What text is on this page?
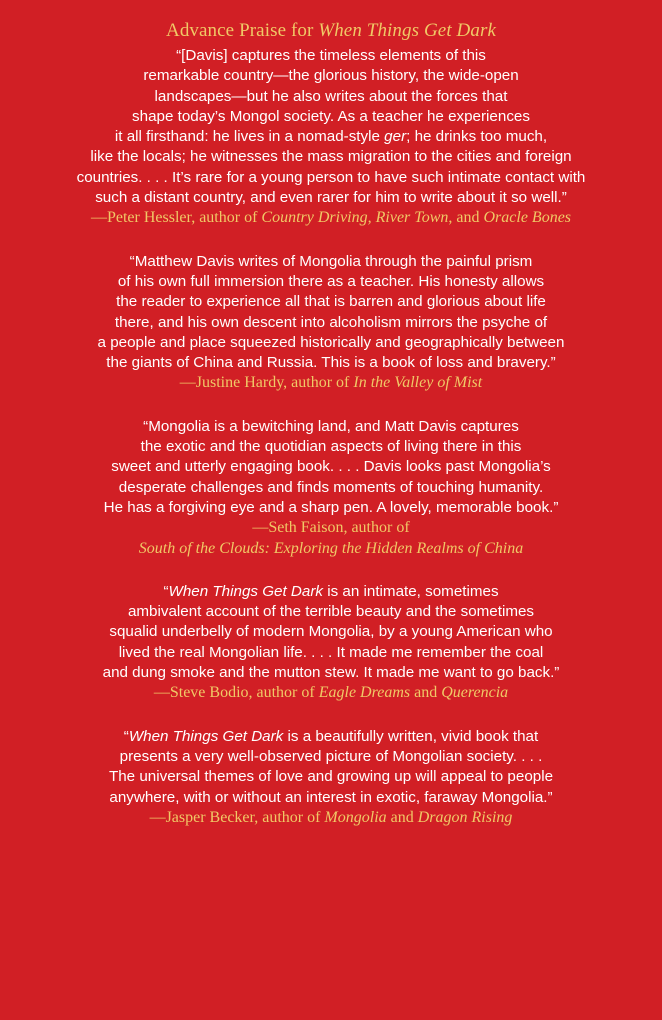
Advance Praise for When Things Get Dark
“[Davis] captures the timeless elements of this
remarkable country—the glorious history, the wide-open
landscapes—but he also writes about the forces that
shape today’s Mongol society. As a teacher he experiences
it all firsthand: he lives in a nomad-style ger; he drinks too much,
like the locals; he witnesses the mass migration to the cities and foreign
countries. . . . It’s rare for a young person to have such intimate contact with
such a distant country, and even rarer for him to write about it so well.”
—Peter Hessler, author of Country Driving, River Town, and Oracle Bones
“Matthew Davis writes of Mongolia through the painful prism
of his own full immersion there as a teacher. His honesty allows
the reader to experience all that is barren and glorious about life
there, and his own descent into alcoholism mirrors the psyche of
a people and place squeezed historically and geographically between
the giants of China and Russia. This is a book of loss and bravery.”
—Justine Hardy, author of In the Valley of Mist
“Mongolia is a bewitching land, and Matt Davis captures
the exotic and the quotidian aspects of living there in this
sweet and utterly engaging book. . . . Davis looks past Mongolia’s
desperate challenges and finds moments of touching humanity.
He has a forgiving eye and a sharp pen. A lovely, memorable book.”
—Seth Faison, author of
South of the Clouds: Exploring the Hidden Realms of China
“When Things Get Dark is an intimate, sometimes
ambivalent account of the terrible beauty and the sometimes
squalid underbelly of modern Mongolia, by a young American who
lived the real Mongolian life. . . . It made me remember the coal
and dung smoke and the mutton stew. It made me want to go back.”
—Steve Bodio, author of Eagle Dreams and Querencia
“When Things Get Dark is a beautifully written, vivid book that
presents a very well-observed picture of Mongolian society. . . .
The universal themes of love and growing up will appeal to people
anywhere, with or without an interest in exotic, faraway Mongolia.”
—Jasper Becker, author of Mongolia and Dragon Rising
